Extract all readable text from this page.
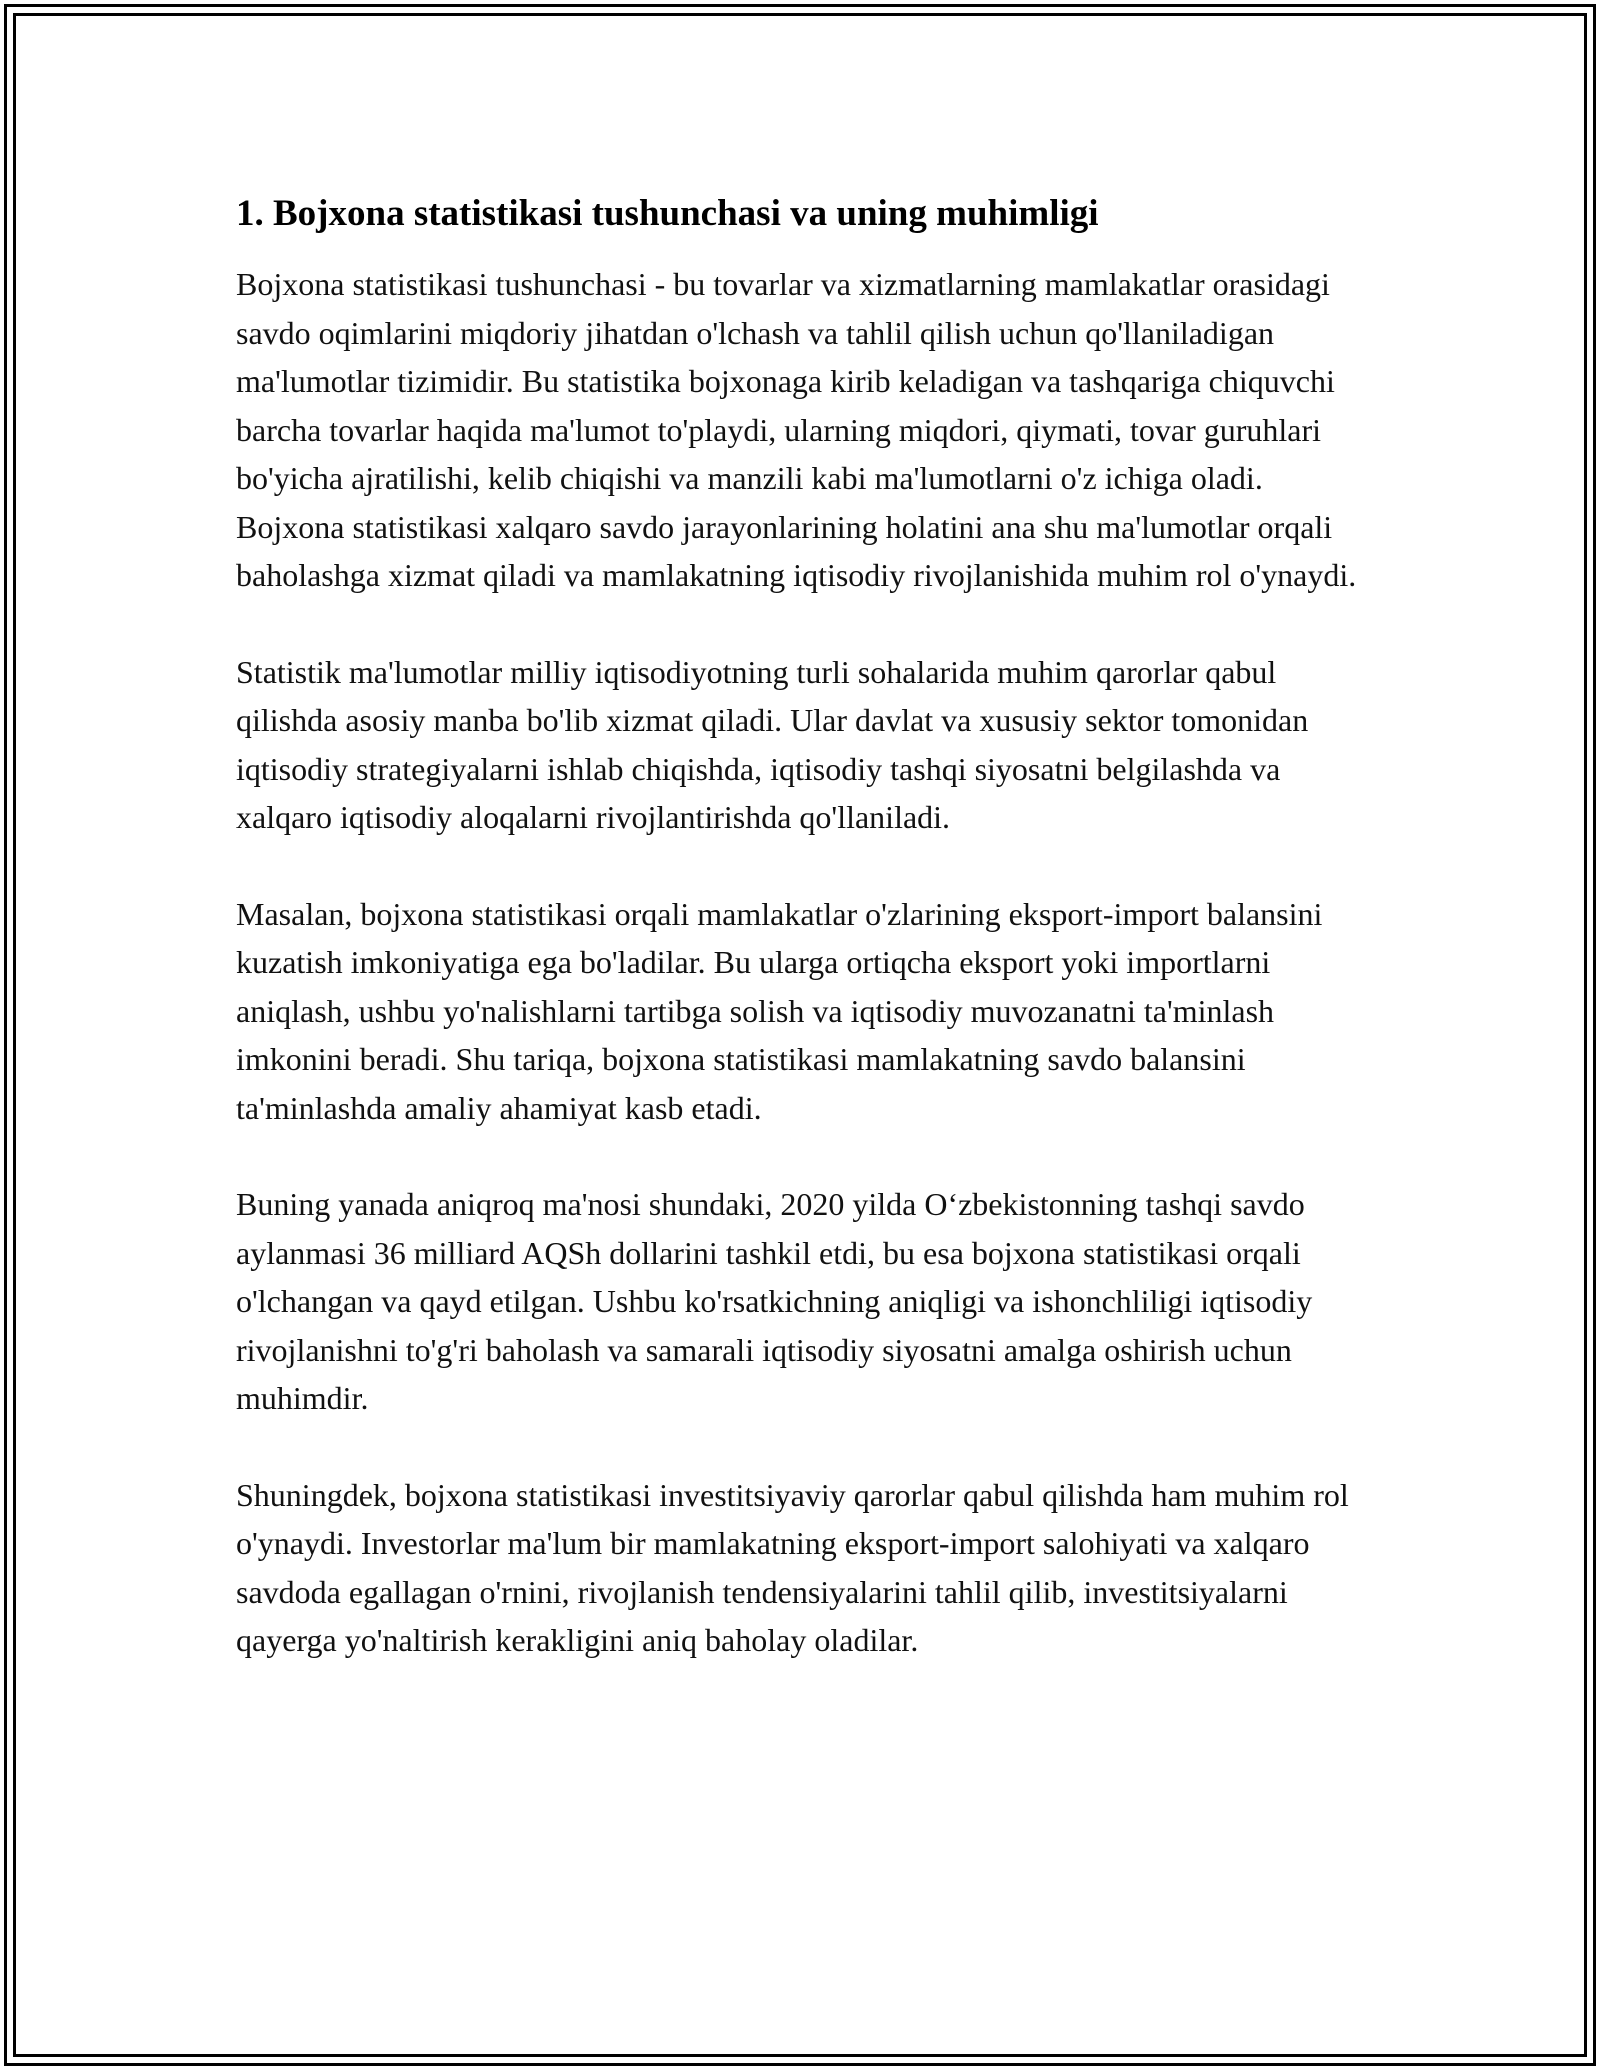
1. Bojxona statistikasi tushunchasi va uning muhimligi

Bojxona statistikasi tushunchasi - bu tovarlar va xizmatlarning mamlakatlar orasidagi savdo oqimlarini miqdoriy jihatdan o'lchash va tahlil qilish uchun qo'llaniladigan ma'lumotlar tizimidir. Bu statistika bojxonaga kirib keladigan va tashqariga chiquvchi barcha tovarlar haqida ma'lumot to'playdi, ularning miqdori, qiymati, tovar guruhlari bo'yicha ajratilishi, kelib chiqishi va manzili kabi ma'lumotlarni o'z ichiga oladi. Bojxona statistikasi xalqaro savdo jarayonlarining holatini ana shu ma'lumotlar orqali baholashga xizmat qiladi va mamlakatning iqtisodiy rivojlanishida muhim rol o'ynaydi.

Statistik ma'lumotlar milliy iqtisodiyotning turli sohalarida muhim qarorlar qabul qilishda asosiy manba bo'lib xizmat qiladi. Ular davlat va xususiy sektor tomonidan iqtisodiy strategiyalarni ishlab chiqishda, iqtisodiy tashqi siyosatni belgilashda va xalqaro iqtisodiy aloqalarni rivojlantirishda qo'llaniladi.

Masalan, bojxona statistikasi orqali mamlakatlar o'zlarining eksport-import balansini kuzatish imkoniyatiga ega bo'ladilar. Bu ularga ortiqcha eksport yoki importlarni aniqlash, ushbu yo'nalishlarni tartibga solish va iqtisodiy muvozanatni ta'minlash imkonini beradi. Shu tariqa, bojxona statistikasi mamlakatning savdo balansini ta'minlashda amaliy ahamiyat kasb etadi.

Buning yanada aniqroq ma'nosi shundaki, 2020 yilda O‘zbekistonning tashqi savdo aylanmasi 36 milliard AQSh dollarini tashkil etdi, bu esa bojxona statistikasi orqali o'lchangan va qayd etilgan. Ushbu ko'rsatkichning aniqligi va ishonchliligi iqtisodiy rivojlanishni to'g'ri baholash va samarali iqtisodiy siyosatni amalga oshirish uchun muhimdir.

Shuningdek, bojxona statistikasi investitsiyaviy qarorlar qabul qilishda ham muhim rol o'ynaydi. Investorlar ma'lum bir mamlakatning eksport-import salohiyati va xalqaro savdoda egallagan o'rnini, rivojlanish tendensiyalarini tahlil qilib, investitsiyalarni qayerga yo'naltirish kerakligini aniq baholay oladilar.
